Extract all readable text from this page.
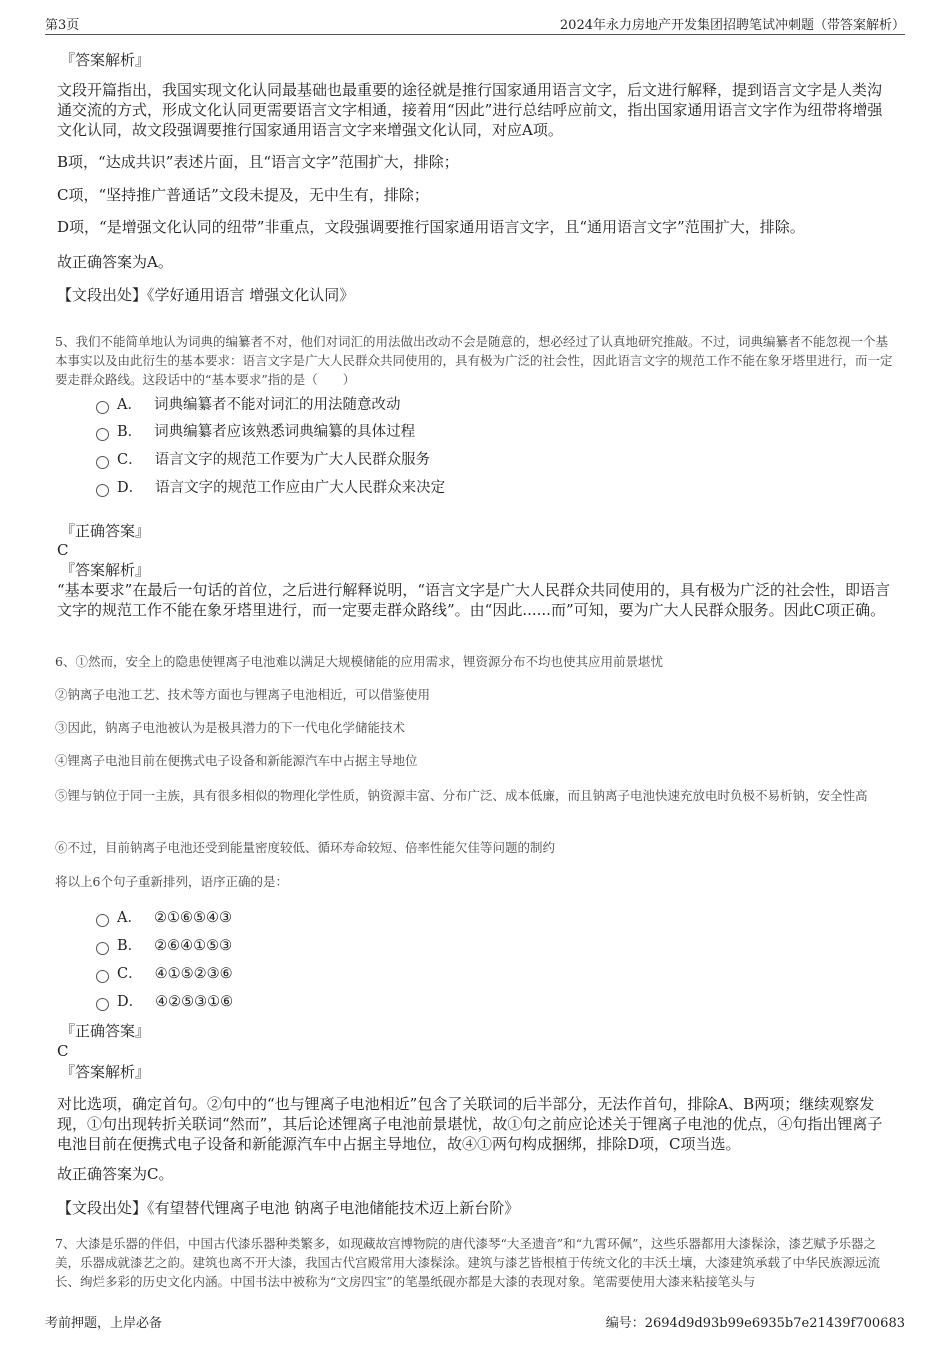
第3页	2024年永力房地产开发集团招聘笔试冲刺题（带答案解析）
『答案解析』
文段开篇指出，我国实现文化认同最基础也最重要的途径就是推行国家通用语言文字，后文进行解释，提到语言文字是人类沟通交流的方式，形成文化认同更需要语言文字相通，接着用“因此”进行总结呼应前文，指出国家通用语言文字作为纽带将增强文化认同，故文段强调要推行国家通用语言文字来增强文化认同，对应A项。
B项，“达成共识”表述片面，且“语言文字”范围扩大，排除；
C项，“坚持推广普通话”文段未提及，无中生有，排除；
D项，“是增强文化认同的纽带”非重点，文段强调要推行国家通用语言文字，且“通用语言文字”范围扩大，排除。
故正确答案为A。
【文段出处】《学好通用语言 增强文化认同》
5、我们不能简单地认为词典的编纂者不对，他们对词汇的用法做出改动不会是随意的，想必经过了认真地研究推敲。不过，词典编纂者不能忽视一个基本事实以及由此衍生的基本要求：语言文字是广大人民群众共同使用的，具有极为广泛的社会性，因此语言文字的规范工作不能在象牙塔里进行，而一定要走群众路线。这段话中的“基本要求”指的是（　　）
A． 词典编纂者不能对词汇的用法随意改动
B． 词典编纂者应该熟悉词典编纂的具体过程
C． 语言文字的规范工作要为广大人民群众服务
D． 语言文字的规范工作应由广大人民群众来决定
『正确答案』
C
『答案解析』
“基本要求”在最后一句话的首位，之后进行解释说明，“语言文字是广大人民群众共同使用的，具有极为广泛的社会性，即语言文字的规范工作不能在象牙塔里进行，而一定要走群众路线”。由“因此......而”可知，要为广大人民群众服务。因此C项正确。
6、①然而，安全上的隐患使锂离子电池难以满足大规模储能的应用需求，锂资源分布不均也使其应用前景堪忧
②钠离子电池工艺、技术等方面也与锂离子电池相近，可以借鉴使用
③因此，钠离子电池被认为是极具潜力的下一代电化学储能技术
④锂离子电池目前在便携式电子设备和新能源汽车中占据主导地位
⑤锂与钠位于同一主族，具有很多相似的物理化学性质，钠资源丰富、分布广泛、成本低廉，而且钠离子电池快速充放电时负极不易析钠，安全性高
⑥不过，目前钠离子电池还受到能量密度较低、循环寿命较短、倍率性能欠佳等问题的制约
将以上6个句子重新排列，语序正确的是：
A． ②①⑥⑤④③
B． ②⑥④①⑤③
C． ④①⑤②③⑥
D． ④②⑤③①⑥
『正确答案』
C
『答案解析』
对比选项，确定首句。②句中的“也与锂离子电池相近”包含了关联词的后半部分，无法作首句，排除A、B两项；继续观察发现，①句出现转折关联词“然而”，其后论述锂离子电池前景堪忧，故①句之前应论述关于锂离子电池的优点，④句指出锂离子电池目前在便携式电子设备和新能源汽车中占据主导地位，故④①两句构成捆绑，排除D项，C项当选。
故正确答案为C。
【文段出处】《有望替代锂离子电池 钠离子电池储能技术迈上新台阶》
7、大漆是乐器的伴侣，中国古代漆乐器种类繁多，如现藏故宫博物院的唐代漆琴“大圣遗音”和“九霄环佩”，这些乐器都用大漆髹涂，漆艺赋予乐器之美，乐器成就漆艺之韵。建筑也离不开大漆，我国古代宫殿常用大漆髹涂。建筑与漆艺皆根植于传统文化的丰沃土壤，大漆建筑承载了中华民族源远流长、绚烂多彩的历史文化内涵。中国书法中被称为“文房四宝”的笔墨纸砚亦都是大漆的表现对象。笔需要使用大漆来粘接笔头与
考前押题，上岸必备	编号：2694d9d93b99e6935b7e21439f700683
